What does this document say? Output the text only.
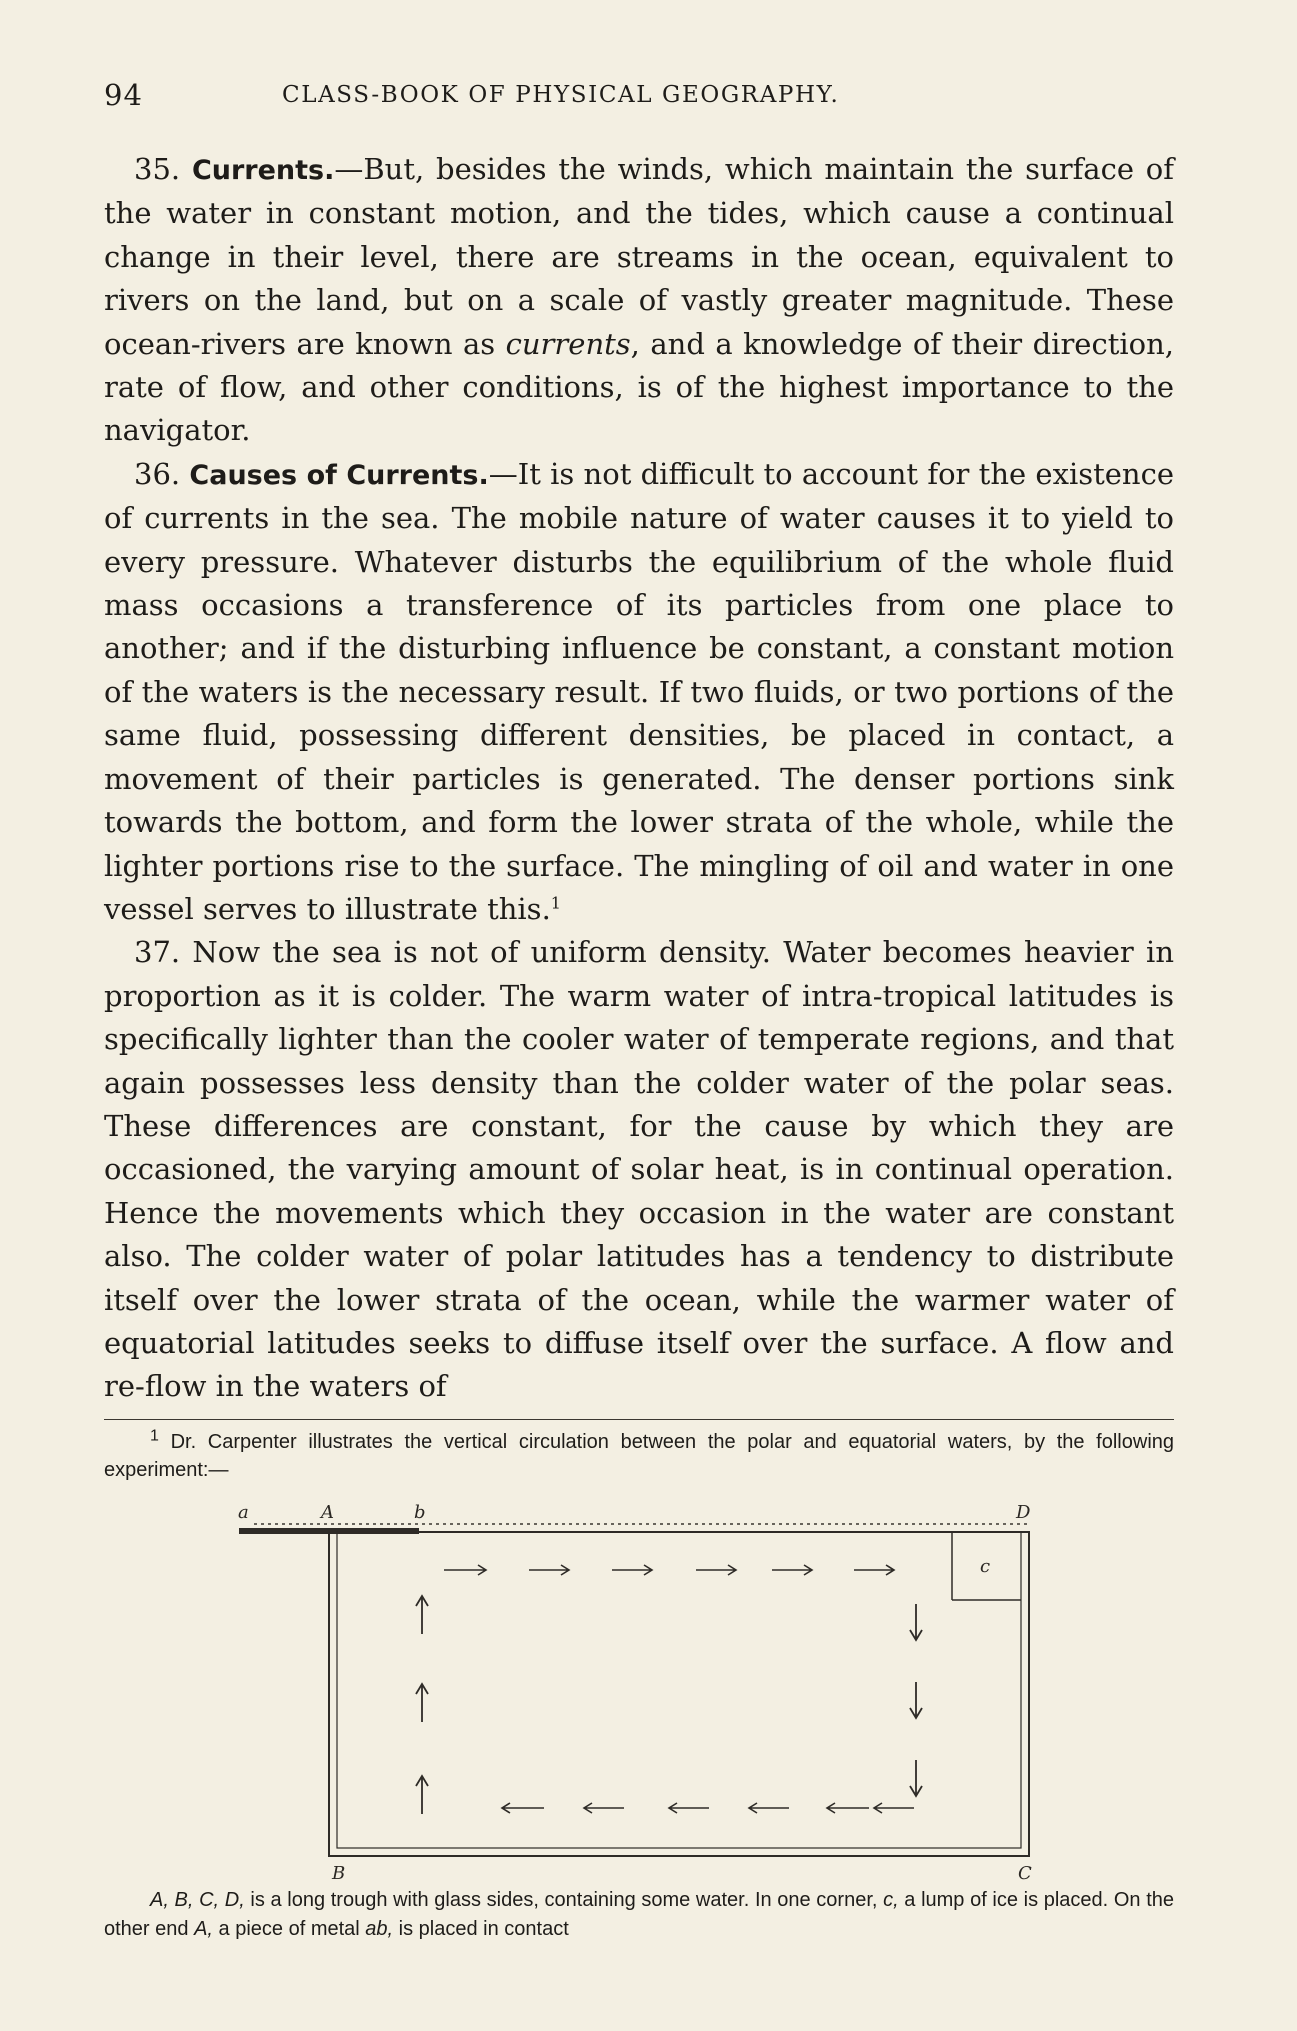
94	CLASS-BOOK OF PHYSICAL GEOGRAPHY.

35. Currents.—But, besides the winds, which maintain the surface of the water in constant motion, and the tides, which cause a continual change in their level, there are streams in the ocean, equivalent to rivers on the land, but on a scale of vastly greater magnitude. These ocean-rivers are known as currents, and a knowledge of their direction, rate of flow, and other conditions, is of the highest importance to the navigator.

36. Causes of Currents.—It is not difficult to account for the existence of currents in the sea. The mobile nature of water causes it to yield to every pressure. Whatever disturbs the equilibrium of the whole fluid mass occasions a transference of its particles from one place to another; and if the disturbing influence be constant, a constant motion of the waters is the necessary result. If two fluids, or two portions of the same fluid, possessing different densities, be placed in contact, a movement of their particles is generated. The denser portions sink towards the bottom, and form the lower strata of the whole, while the lighter portions rise to the surface. The mingling of oil and water in one vessel serves to illustrate this.$^1$

37. Now the sea is not of uniform density. Water becomes heavier in proportion as it is colder. The warm water of intra-tropical latitudes is specifically lighter than the cooler water of temperate regions, and that again possesses less density than the colder water of the polar seas. These differences are constant, for the cause by which they are occasioned, the varying amount of solar heat, is in continual operation. Hence the movements which they occasion in the water are constant also. The colder water of polar latitudes has a tendency to distribute itself over the lower strata of the ocean, while the warmer water of equatorial latitudes seeks to diffuse itself over the surface. A flow and re-flow in the waters of

$^1$ Dr. Carpenter illustrates the vertical circulation between the polar and equatorial waters, by the following experiment:—

a	A	b	D
c
B	C

A, B, C, D, is a long trough with glass sides, containing some water. In one corner, c, a lump of ice is placed. On the other end A, a piece of metal ab, is placed in contact
